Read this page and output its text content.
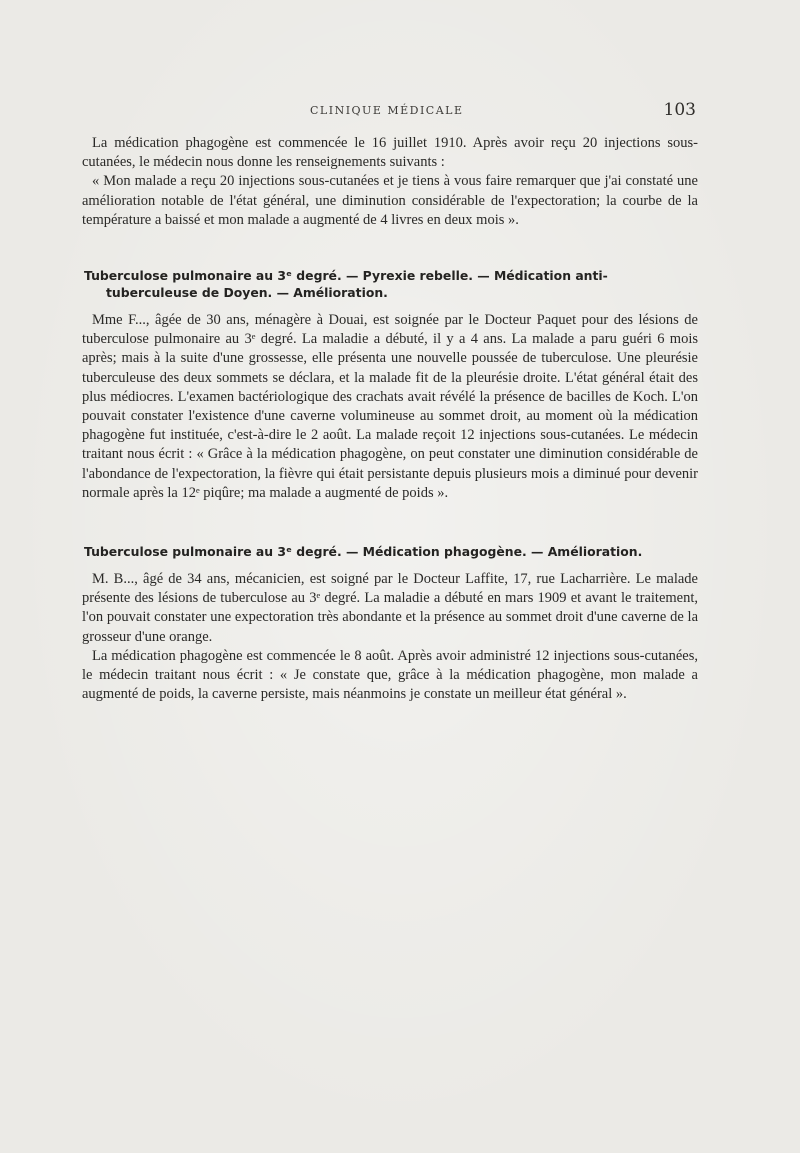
CLINIQUE MÉDICALE	103

La médication phagogène est commencée le 16 juillet 1910. Après avoir reçu 20 injections sous-cutanées, le médecin nous donne les renseignements suivants :

« Mon malade a reçu 20 injections sous-cutanées et je tiens à vous faire remarquer que j'ai constaté une amélioration notable de l'état général, une diminution considérable de l'expectoration; la courbe de la température a baissé et mon malade a augmenté de 4 livres en deux mois ».

Tuberculose pulmonaire au 3ᵉ degré. — Pyrexie rebelle. — Médication anti-
tuberculeuse de Doyen. — Amélioration.

Mme F..., âgée de 30 ans, ménagère à Douai, est soignée par le Docteur Paquet pour des lésions de tuberculose pulmonaire au 3ᵉ degré. La maladie a débuté, il y a 4 ans. La malade a paru guéri 6 mois après; mais à la suite d'une grossesse, elle présenta une nouvelle poussée de tuberculose. Une pleurésie tuberculeuse des deux sommets se déclara, et la malade fit de la pleurésie droite. L'état général était des plus médiocres. L'examen bactériologique des crachats avait révélé la présence de bacilles de Koch. L'on pouvait constater l'existence d'une caverne volumineuse au sommet droit, au moment où la médication phagogène fut instituée, c'est-à-dire le 2 août. La malade reçoit 12 injections sous-cutanées. Le médecin traitant nous écrit : « Grâce à la médication phagogène, on peut constater une diminution considérable de l'abondance de l'expectoration, la fièvre qui était persistante depuis plusieurs mois a diminué pour devenir normale après la 12ᵉ piqûre; ma malade a augmenté de poids ».

Tuberculose pulmonaire au 3ᵉ degré. — Médication phagogène. — Amélioration.

M. B..., âgé de 34 ans, mécanicien, est soigné par le Docteur Laffite, 17, rue Lacharrière. Le malade présente des lésions de tuberculose au 3ᵉ degré. La maladie a débuté en mars 1909 et avant le traitement, l'on pouvait constater une expectoration très abondante et la présence au sommet droit d'une caverne de la grosseur d'une orange.

La médication phagogène est commencée le 8 août. Après avoir administré 12 injections sous-cutanées, le médecin traitant nous écrit : « Je constate que, grâce à la médication phagogène, mon malade a augmenté de poids, la caverne persiste, mais néanmoins je constate un meilleur état général ».
